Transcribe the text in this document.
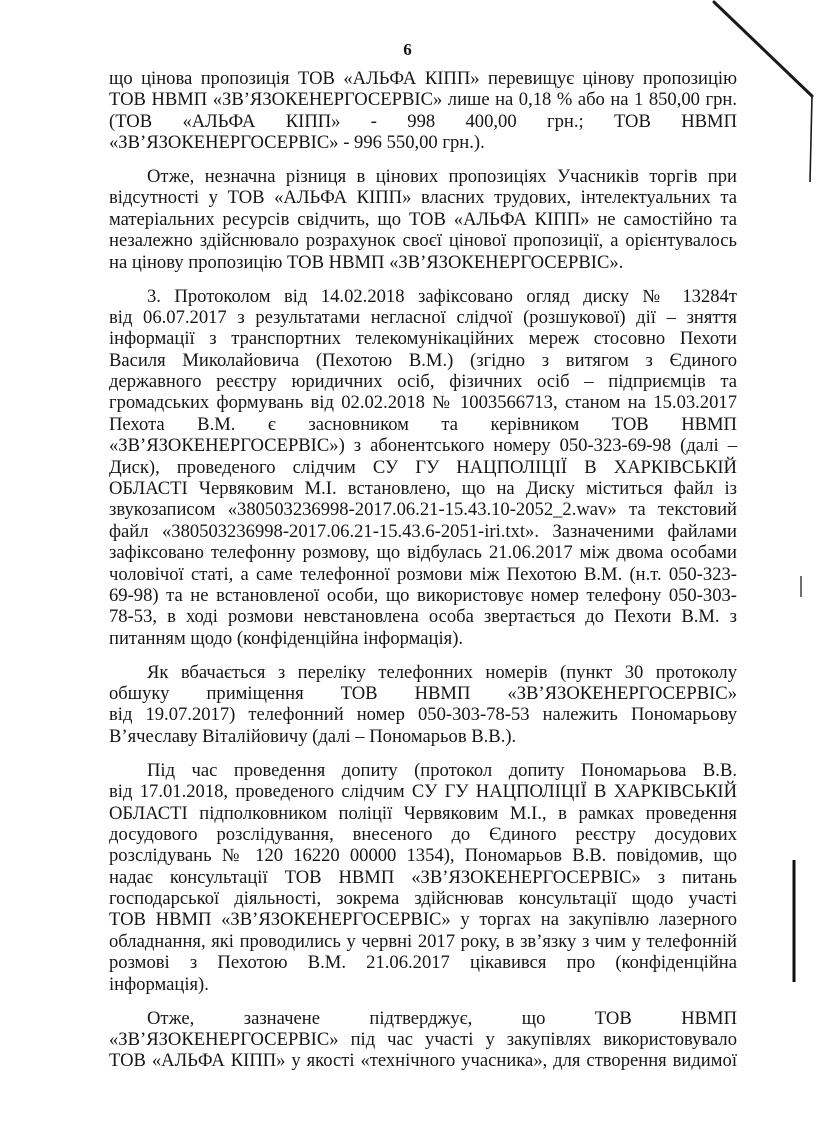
6
що цінова пропозиція ТОВ «АЛЬФА КІПП» перевищує цінову пропозицію
ТОВ НВМП «ЗВ’ЯЗОКЕНЕРГОСЕРВІС» лише на 0,18 % або на 1 850,00 грн.
(ТОВ «АЛЬФА КІПП» - 998 400,00 грн.; ТОВ НВМП
«ЗВ’ЯЗОКЕНЕРГОСЕРВІС» - 996 550,00 грн.).
Отже, незначна різниця в цінових пропозиціях Учасників торгів при
відсутності у ТОВ «АЛЬФА КІПП» власних трудових, інтелектуальних та
матеріальних ресурсів свідчить, що ТОВ «АЛЬФА КІПП» не самостійно та
незалежно здійснювало розрахунок своєї цінової пропозиції, а орієнтувалось
на цінову пропозицію ТОВ НВМП «ЗВ’ЯЗОКЕНЕРГОСЕРВІС».
3. Протоколом від 14.02.2018 зафіксовано огляд диску № 13284т
від 06.07.2017 з результатами негласної слідчої (розшукової) дії – зняття
інформації з транспортних телекомунікаційних мереж стосовно Пехоти
Василя Миколайовича (Пехотою В.М.) (згідно з витягом з Єдиного
державного реєстру юридичних осіб, фізичних осіб – підприємців та
громадських формувань від 02.02.2018 № 1003566713, станом на 15.03.2017
Пехота В.М. є засновником та керівником ТОВ НВМП
«ЗВ’ЯЗОКЕНЕРГОСЕРВІС») з абонентського номеру 050-323-69-98 (далі –
Диск), проведеного слідчим СУ ГУ НАЦПОЛІЦІЇ В ХАРКІВСЬКІЙ
ОБЛАСТІ Червяковим М.І. встановлено, що на Диску міститься файл із
звукозаписом «380503236998-2017.06.21-15.43.10-2052_2.wav» та текстовий
файл «380503236998-2017.06.21-15.43.6-2051-iri.txt». Зазначеними файлами
зафіксовано телефонну розмову, що відбулась 21.06.2017 між двома особами
чоловічої статі, а саме телефонної розмови між Пехотою В.М. (н.т. 050-323-
69-98) та не встановленої особи, що використовує номер телефону 050-303-
78-53, в ході розмови невстановлена особа звертається до Пехоти В.М. з
питанням щодо (конфіденційна інформація).
Як вбачається з переліку телефонних номерів (пункт 30 протоколу
обшуку приміщення ТОВ НВМП «ЗВ’ЯЗОКЕНЕРГОСЕРВІС»
від 19.07.2017) телефонний номер 050-303-78-53 належить Пономарьову
В’ячеславу Віталійовичу (далі – Пономарьов В.В.).
Під час проведення допиту (протокол допиту Пономарьова В.В.
від 17.01.2018, проведеного слідчим СУ ГУ НАЦПОЛІЦІЇ В ХАРКІВСЬКІЙ
ОБЛАСТІ підполковником поліції Червяковим М.І., в рамках проведення
досудового розслідування, внесеного до Єдиного реєстру досудових
розслідувань № 120 16220 00000 1354), Пономарьов В.В. повідомив, що
надає консультації ТОВ НВМП «ЗВ’ЯЗОКЕНЕРГОСЕРВІС» з питань
господарської діяльності, зокрема здійснював консультації щодо участі
ТОВ НВМП «ЗВ’ЯЗОКЕНЕРГОСЕРВІС» у торгах на закупівлю лазерного
обладнання, які проводились у червні 2017 року, в зв’язку з чим у телефонній
розмові з Пехотою В.М. 21.06.2017 цікавився про (конфіденційна
інформація).
Отже, зазначене підтверджує, що ТОВ НВМП
«ЗВ’ЯЗОКЕНЕРГОСЕРВІС» під час участі у закупівлях використовувало
ТОВ «АЛЬФА КІПП» у якості «технічного учасника», для створення видимої
